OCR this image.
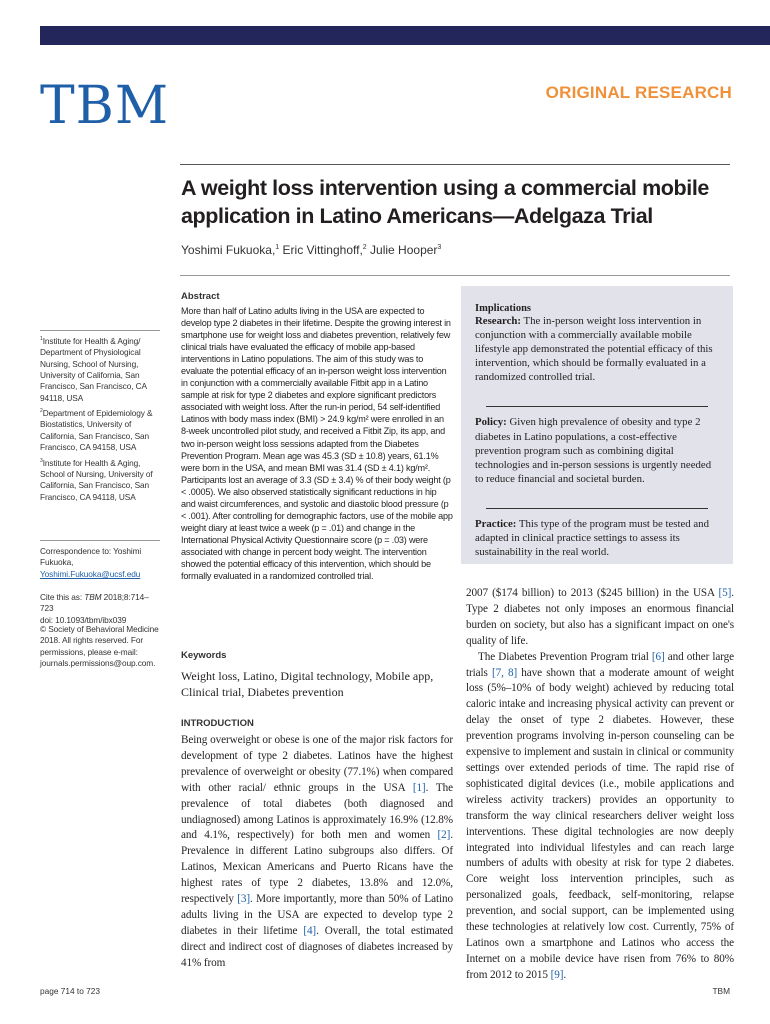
TBM	ORIGINAL RESEARCH
A weight loss intervention using a commercial mobile application in Latino Americans—Adelgaza Trial
Yoshimi Fukuoka,$^1$ Eric Vittinghoff,$^2$ Julie Hooper$^3$
$^1$Institute for Health & Aging/ Department of Physiological Nursing, School of Nursing, University of California, San Francisco, San Francisco, CA 94118, USA
$^2$Department of Epidemiology & Biostatistics, University of California, San Francisco, San Francisco, CA 94158, USA
$^3$Institute for Health & Aging, School of Nursing, University of California, San Francisco, San Francisco, CA 94118, USA
Correspondence to: Yoshimi Fukuoka, Yoshimi.Fukuoka@ucsf.edu
Cite this as: TBM 2018;8:714–723
doi: 10.1093/tbm/ibx039
© Society of Behavioral Medicine 2018. All rights reserved. For permissions, please e-mail: journals.permissions@oup.com.
Abstract

More than half of Latino adults living in the USA are expected to develop type 2 diabetes in their lifetime. Despite the growing interest in smartphone use for weight loss and diabetes prevention, relatively few clinical trials have evaluated the efficacy of mobile app-based interventions in Latino populations. The aim of this study was to evaluate the potential efficacy of an in-person weight loss intervention in conjunction with a commercially available Fitbit app in a Latino sample at risk for type 2 diabetes and explore significant predictors associated with weight loss. After the run-in period, 54 self-identified Latinos with body mass index (BMI) > 24.9 kg/m² were enrolled in an 8-week uncontrolled pilot study, and received a Fitbit Zip, its app, and two in-person weight loss sessions adapted from the Diabetes Prevention Program. Mean age was 45.3 (SD ± 10.8) years, 61.1% were born in the USA, and mean BMI was 31.4 (SD ± 4.1) kg/m². Participants lost an average of 3.3 (SD ± 3.4) % of their body weight (p < .0005). We also observed statistically significant reductions in hip and waist circumferences, and systolic and diastolic blood pressure (p < .001). After controlling for demographic factors, use of the mobile app weight diary at least twice a week (p = .01) and change in the International Physical Activity Questionnaire score (p = .03) were associated with change in percent body weight. The intervention showed the potential efficacy of this intervention, which should be formally evaluated in a randomized controlled trial.

Keywords

Weight loss, Latino, Digital technology, Mobile app, Clinical trial, Diabetes prevention

INTRODUCTION

Being overweight or obese is one of the major risk factors for development of type 2 diabetes. Latinos have the highest prevalence of overweight or obesity (77.1%) when compared with other racial/ ethnic groups in the USA [1]. The prevalence of total diabetes (both diagnosed and undiagnosed) among Latinos is approximately 16.9% (12.8% and 4.1%, respectively) for both men and women [2]. Prevalence in different Latino subgroups also differs. Of Latinos, Mexican Americans and Puerto Ricans have the highest rates of type 2 diabetes, 13.8% and 12.0%, respectively [3]. More importantly, more than 50% of Latino adults living in the USA are expected to develop type 2 diabetes in their lifetime [4]. Overall, the total estimated direct and indirect cost of diagnoses of diabetes increased by 41% from

Implications

Research: The in-person weight loss intervention in conjunction with a commercially available mobile lifestyle app demonstrated the potential efficacy of this intervention, which should be formally evaluated in a randomized controlled trial.

Policy: Given high prevalence of obesity and type 2 diabetes in Latino populations, a cost-effective prevention program such as combining digital technologies and in-person sessions is urgently needed to reduce financial and societal burden.

Practice: This type of the program must be tested and adapted in clinical practice settings to assess its sustainability in the real world.

2007 ($174 billion) to 2013 ($245 billion) in the USA [5]. Type 2 diabetes not only imposes an enormous financial burden on society, but also has a significant impact on one's quality of life.

The Diabetes Prevention Program trial [6] and other large trials [7, 8] have shown that a moderate amount of weight loss (5%–10% of body weight) achieved by reducing total caloric intake and increasing physical activity can prevent or delay the onset of type 2 diabetes. However, these prevention programs involving in-person counseling can be expensive to implement and sustain in clinical or community settings over extended periods of time. The rapid rise of sophisticated digital devices (i.e., mobile applications and wireless activity trackers) provides an opportunity to transform the way clinical researchers deliver weight loss interventions. These digital technologies are now deeply integrated into individual lifestyles and can reach large numbers of adults with obesity at risk for type 2 diabetes. Core weight loss intervention principles, such as personalized goals, feedback, self-monitoring, relapse prevention, and social support, can be implemented using these technologies at relatively low cost. Currently, 75% of Latinos own a smartphone and Latinos who access the Internet on a mobile device have risen from 76% to 80% from 2012 to 2015 [9].

page 714 to 723	TBM
